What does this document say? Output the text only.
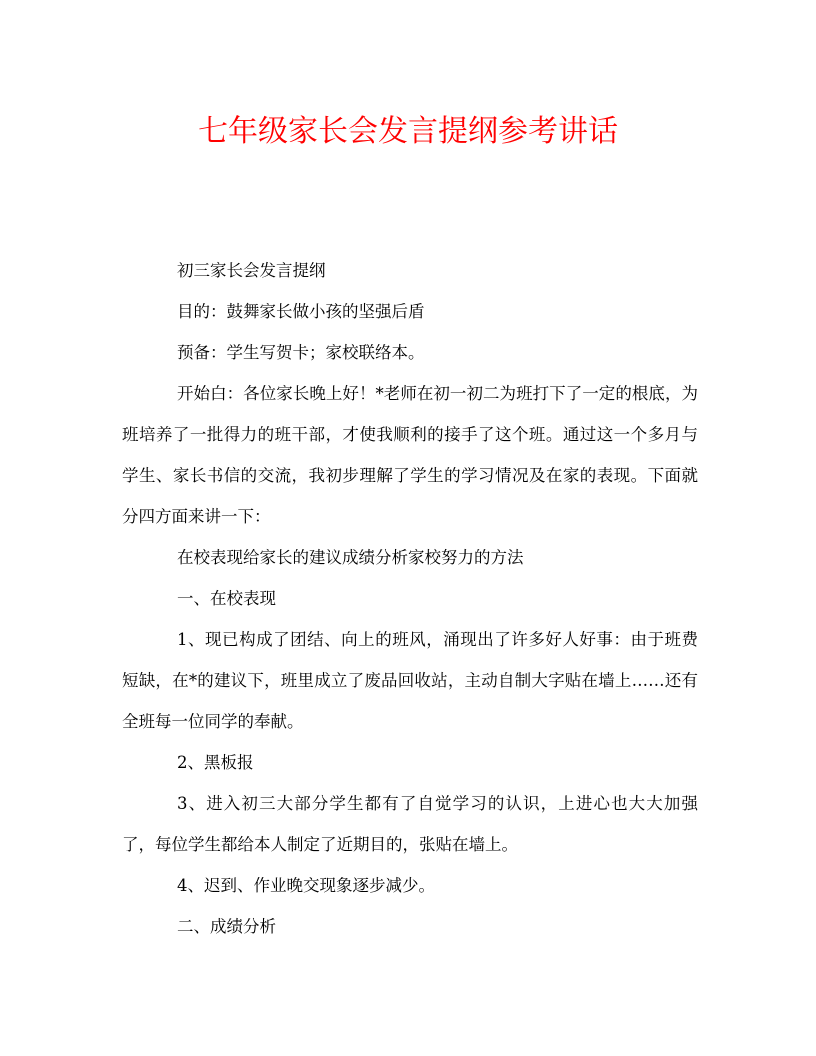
七年级家长会发言提纲参考讲话

初三家长会发言提纲

目的：鼓舞家长做小孩的坚强后盾

预备：学生写贺卡；家校联络本。

开始白：各位家长晚上好！*老师在初一初二为班打下了一定的根底，为班培养了一批得力的班干部，才使我顺利的接手了这个班。通过这一个多月与学生、家长书信的交流，我初步理解了学生的学习情况及在家的表现。下面就分四方面来讲一下：

在校表现给家长的建议成绩分析家校努力的方法

一、在校表现

1、现已构成了团结、向上的班风，涌现出了许多好人好事：由于班费短缺，在*的建议下，班里成立了废品回收站，主动自制大字贴在墙上……还有全班每一位同学的奉献。

2、黑板报

3、进入初三大部分学生都有了自觉学习的认识，上进心也大大加强了，每位学生都给本人制定了近期目的，张贴在墙上。

4、迟到、作业晚交现象逐步减少。

二、成绩分析
